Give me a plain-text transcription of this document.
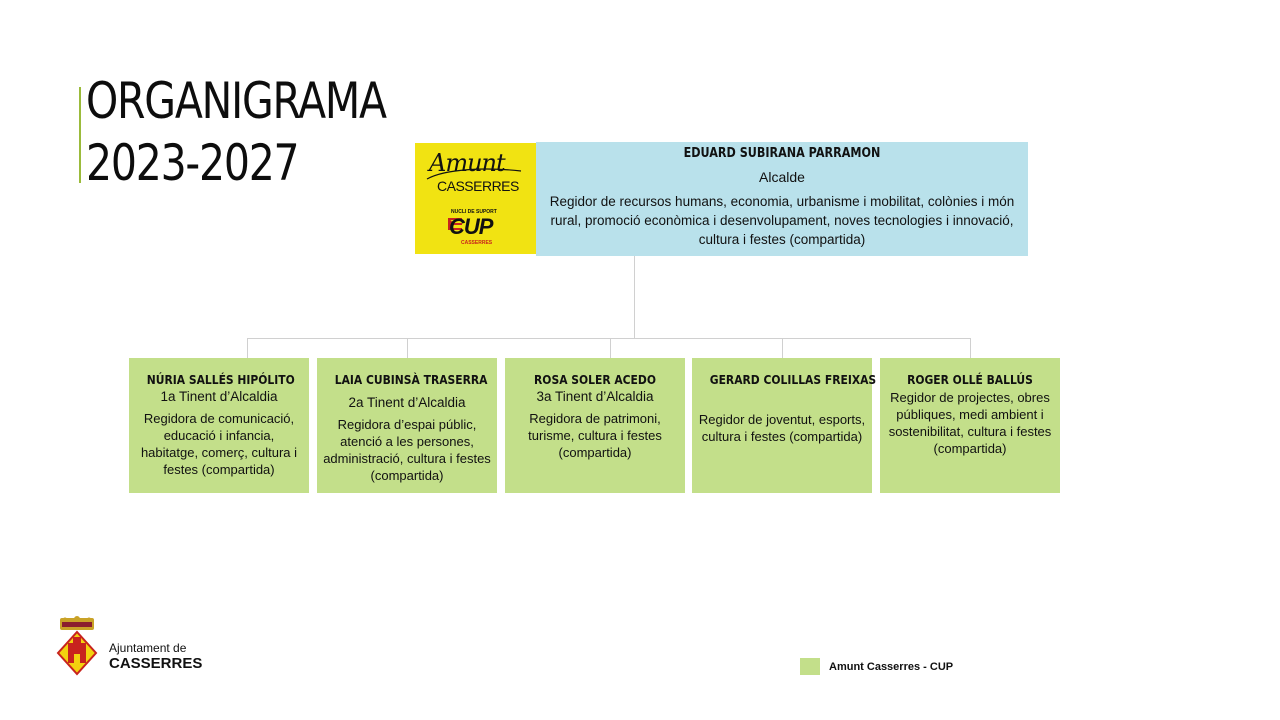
ORGANIGRAMA
2023-2027	Amunt
CASSERRES
NUCLI DE SUPORT
CUP
CASSERRES
EDUARD SUBIRANA PARRAMON
Alcalde
Regidor de recursos humans, economia, urbanisme i mobilitat, colònies i món rural, promoció econòmica i desenvolupament, noves tecnologies i innovació, cultura i festes (compartida)
NÚRIA SALLÉS HIPÓLITO
1a Tinent d’Alcaldia
Regidora de comunicació, educació i infancia, habitatge, comerç, cultura i festes (compartida)
LAIA CUBINSÀ TRASERRA
2a Tinent d’Alcaldia
Regidora d’espai públic, atenció a les persones, administració, cultura i festes (compartida)
ROSA SOLER ACEDO
3a Tinent d’Alcaldia
Regidora de patrimoni, turisme, cultura i festes (compartida)
GERARD COLILLAS FREIXAS
Regidor de joventut, esports, cultura i festes (compartida)
ROGER OLLÉ BALLÚS
Regidor de projectes, obres públiques, medi ambient i sostenibilitat, cultura i festes (compartida)
Ajuntament de
CASSERRES	Amunt Casserres - CUP
